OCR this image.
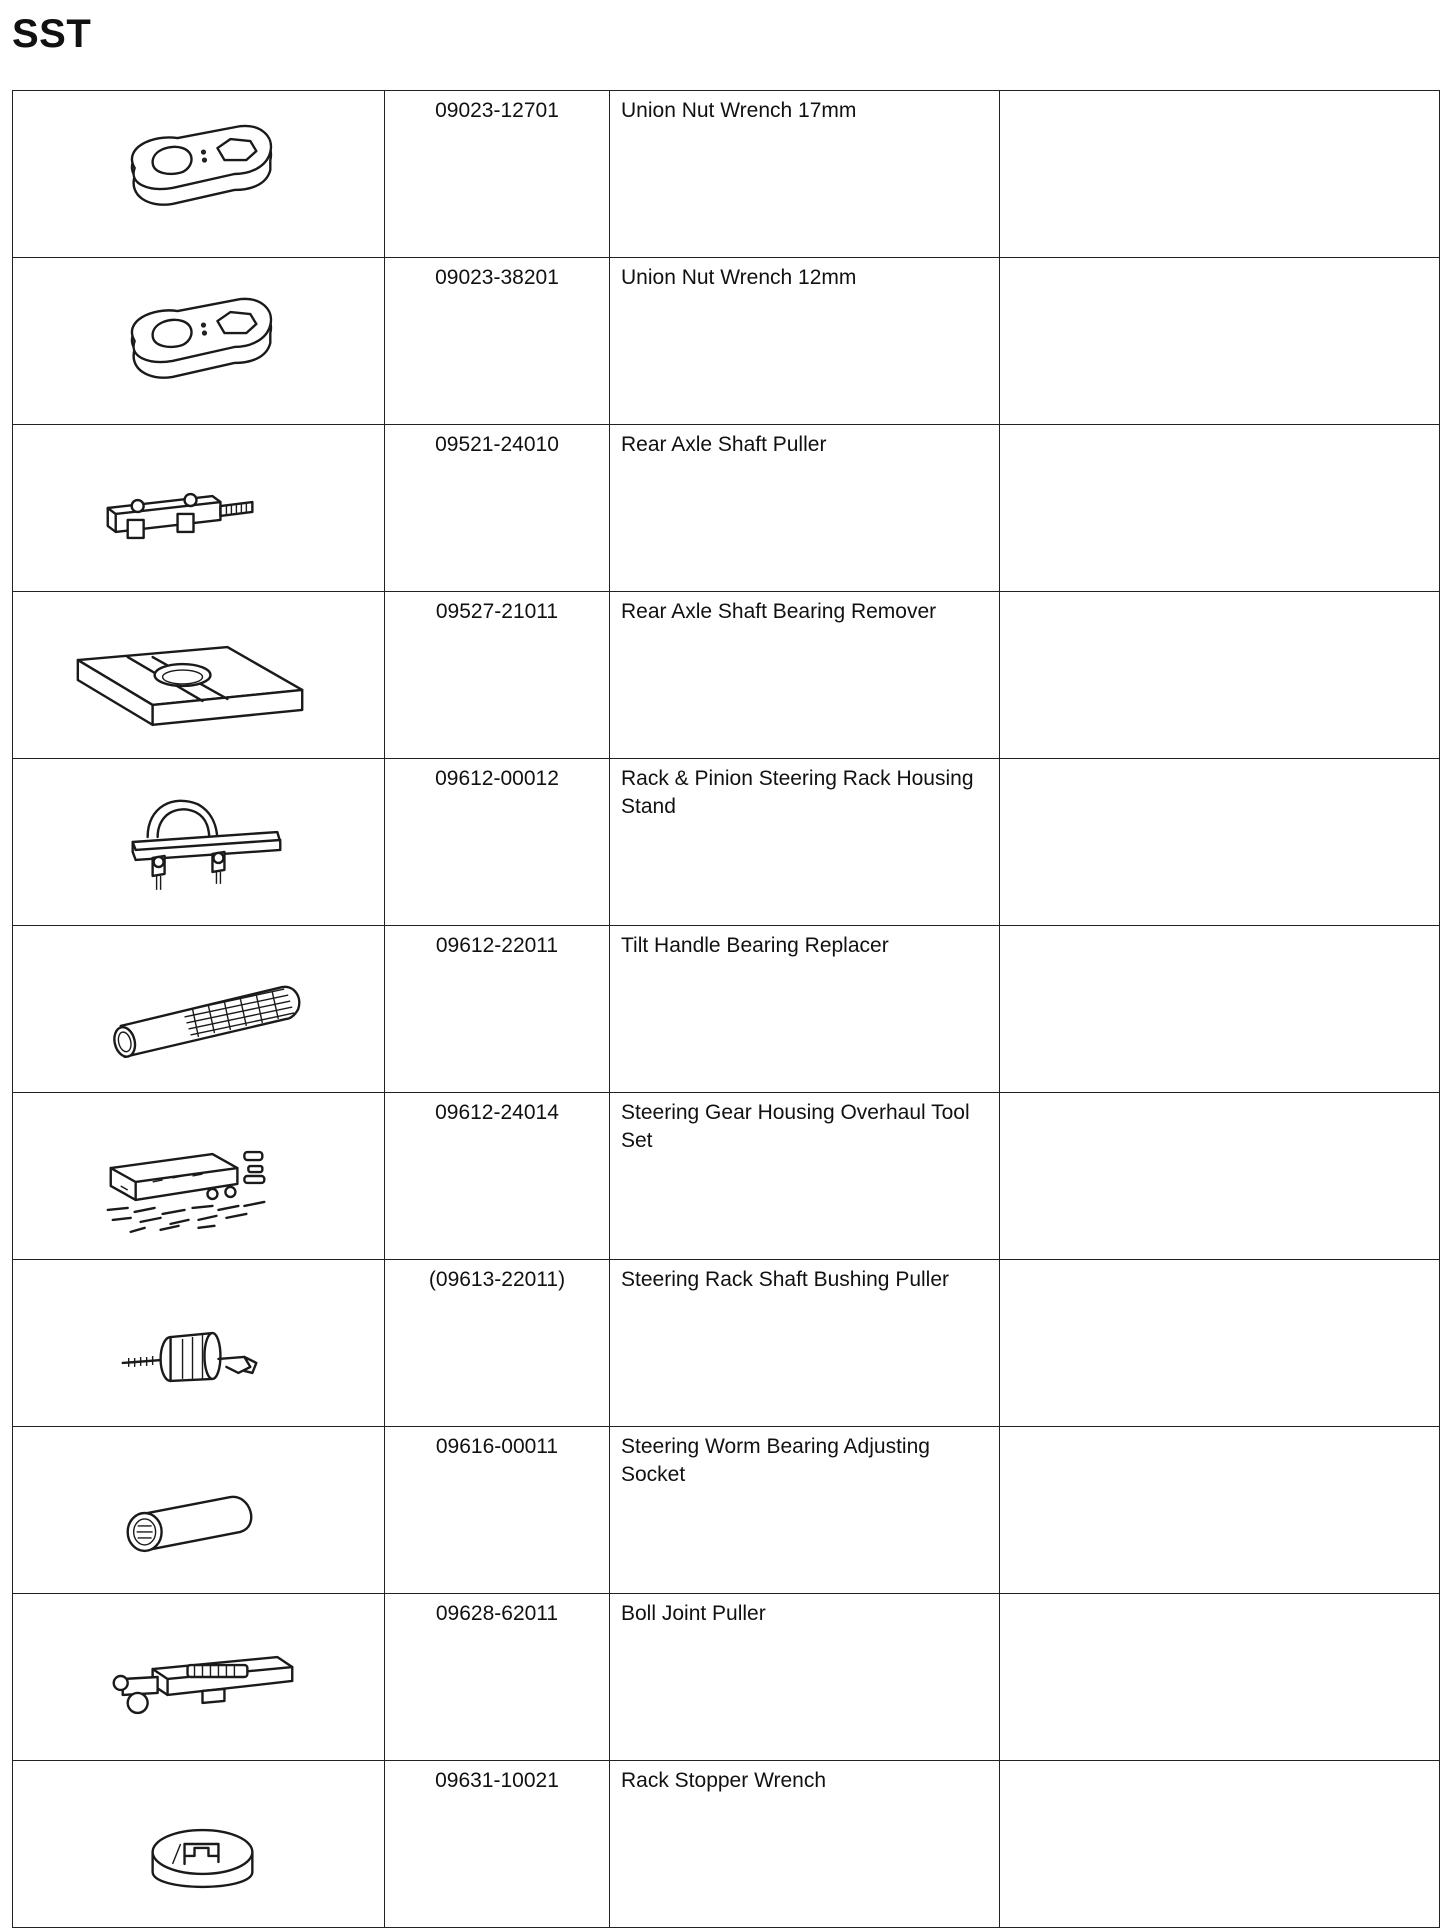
SST
	09023-12701	Union Nut Wrench 17mm	

	09023-38201	Union Nut Wrench 12mm	

	09521-24010	Rear Axle Shaft Puller	

	09527-21011	Rear Axle Shaft Bearing Remover	

	09612-00012	Rack & Pinion Steering Rack Housing Stand	

	09612-22011	Tilt Handle Bearing Replacer	

	09612-24014	Steering Gear Housing Overhaul Tool Set	

	(09613-22011)	Steering Rack Shaft Bushing Puller	

	09616-00011	Steering Worm Bearing Adjusting Socket	

	09628-62011	Boll Joint Puller	

	09631-10021	Rack Stopper Wrench	
